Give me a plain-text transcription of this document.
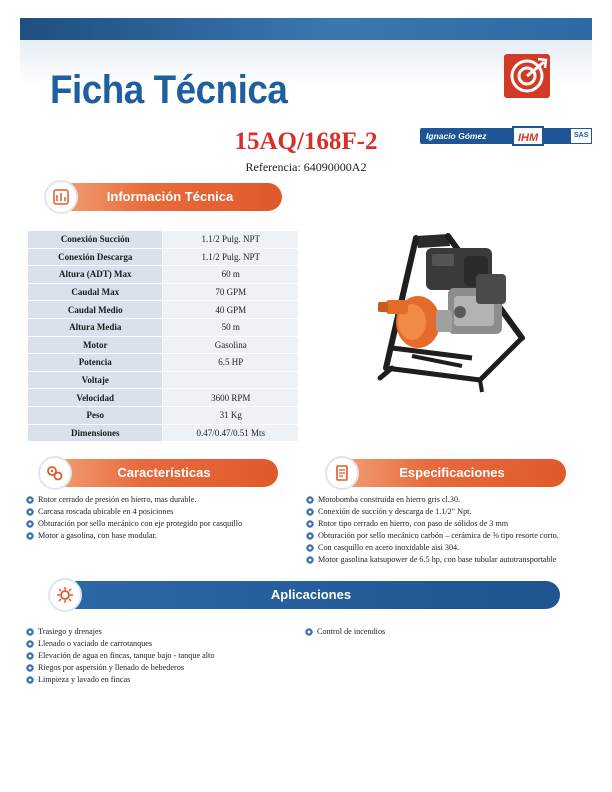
Ficha Técnica
Ignacio Gómez	IHM	SAS
15AQ/168F-2
Referencia: 64090000A2
Información Técnica
Conexión Succión	1.1/2 Pulg. NPT
Conexión Descarga	1.1/2 Pulg. NPT
Altura (ADT) Max	60 m
Caudal Max	70 GPM
Caudal Medio	40 GPM
Altura Media	50 m
Motor	Gasolina
Potencia	6.5 HP
Voltaje	
Velocidad	3600 RPM
Peso	31 Kg
Dimensiones	0.47/0.47/0.51 Mts
Características	Especificaciones
Rotor cerrado de presión en hierro, mas durable.
Carcasa roscada ubicable en 4 posiciones
Obturación por sello mecánico con eje protegido por casquillo
Motor a gasolina, con base modular.
Motobomba construida en hierro gris cl.30.
Conexión de succión y descarga de 1.1/2" Npt.
Rotor tipo cerrado en hierro, con paso de sólidos de 3 mm
Obturación por sello mecánico carbón – cerámica de ⅝ tipo resorte corto.
Con casquillo en acero inoxidable aisi 304.
Motor gasolina katsupower de 6.5 hp, con base tubular autotransportable
Aplicaciones
Trasiego y drenajes
Llenado o vaciado de carrotanques
Elevación de agua en fincas, tanque bajo - tanque alto
Riegos por aspersión y llenado de bebederos
Limpieza y lavado en fincas
Control de incendios
